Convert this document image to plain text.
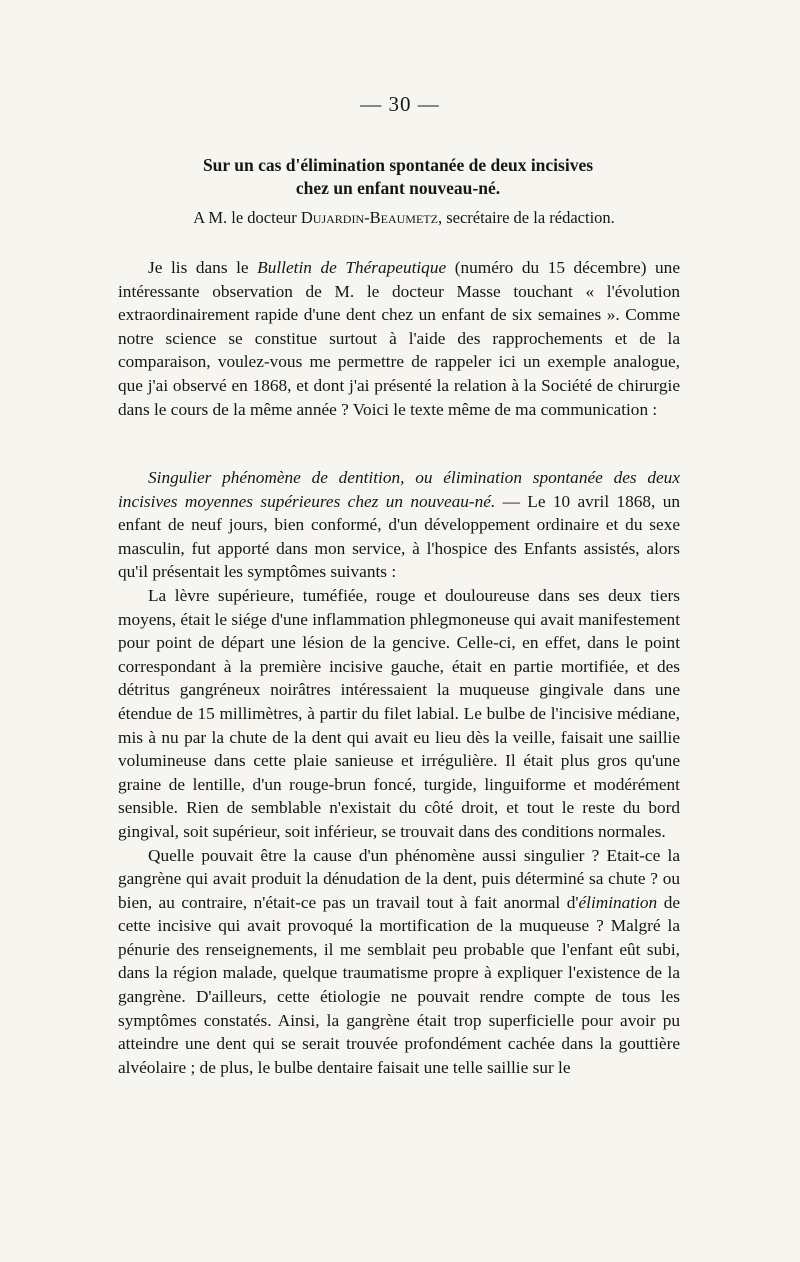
— 30 —
Sur un cas d'élimination spontanée de deux incisives
chez un enfant nouveau-né.
A M. le docteur Dujardin-Beaumetz, secrétaire de la rédaction.

Je lis dans le Bulletin de Thérapeutique (numéro du 15 décembre) une intéressante observation de M. le docteur Masse touchant « l'évolution extraordinairement rapide d'une dent chez un enfant de six semaines ». Comme notre science se constitue surtout à l'aide des rapprochements et de la comparaison, voulez-vous me permettre de rappeler ici un exemple analogue, que j'ai observé en 1868, et dont j'ai présenté la relation à la Société de chirurgie dans le cours de la même année ? Voici le texte même de ma communication :

Singulier phénomène de dentition, ou élimination spontanée des deux incisives moyennes supérieures chez un nouveau-né. — Le 10 avril 1868, un enfant de neuf jours, bien conformé, d'un développement ordinaire et du sexe masculin, fut apporté dans mon service, à l'hospice des Enfants assistés, alors qu'il présentait les symptômes suivants :

La lèvre supérieure, tuméfiée, rouge et douloureuse dans ses deux tiers moyens, était le siége d'une inflammation phlegmoneuse qui avait manifestement pour point de départ une lésion de la gencive. Celle-ci, en effet, dans le point correspondant à la première incisive gauche, était en partie mortifiée, et des détritus gangréneux noirâtres intéressaient la muqueuse gingivale dans une étendue de 15 millimètres, à partir du filet labial. Le bulbe de l'incisive médiane, mis à nu par la chute de la dent qui avait eu lieu dès la veille, faisait une saillie volumineuse dans cette plaie sanieuse et irrégulière. Il était plus gros qu'une graine de lentille, d'un rouge-brun foncé, turgide, linguiforme et modérément sensible. Rien de semblable n'existait du côté droit, et tout le reste du bord gingival, soit supérieur, soit inférieur, se trouvait dans des conditions normales.

Quelle pouvait être la cause d'un phénomène aussi singulier ? Etait-ce la gangrène qui avait produit la dénudation de la dent, puis déterminé sa chute ? ou bien, au contraire, n'était-ce pas un travail tout à fait anormal d'élimination de cette incisive qui avait provoqué la mortification de la muqueuse ? Malgré la pénurie des renseignements, il me semblait peu probable que l'enfant eût subi, dans la région malade, quelque traumatisme propre à expliquer l'existence de la gangrène. D'ailleurs, cette étiologie ne pouvait rendre compte de tous les symptômes constatés. Ainsi, la gangrène était trop superficielle pour avoir pu atteindre une dent qui se serait trouvée profondément cachée dans la gouttière alvéolaire ; de plus, le bulbe dentaire faisait une telle saillie sur le
